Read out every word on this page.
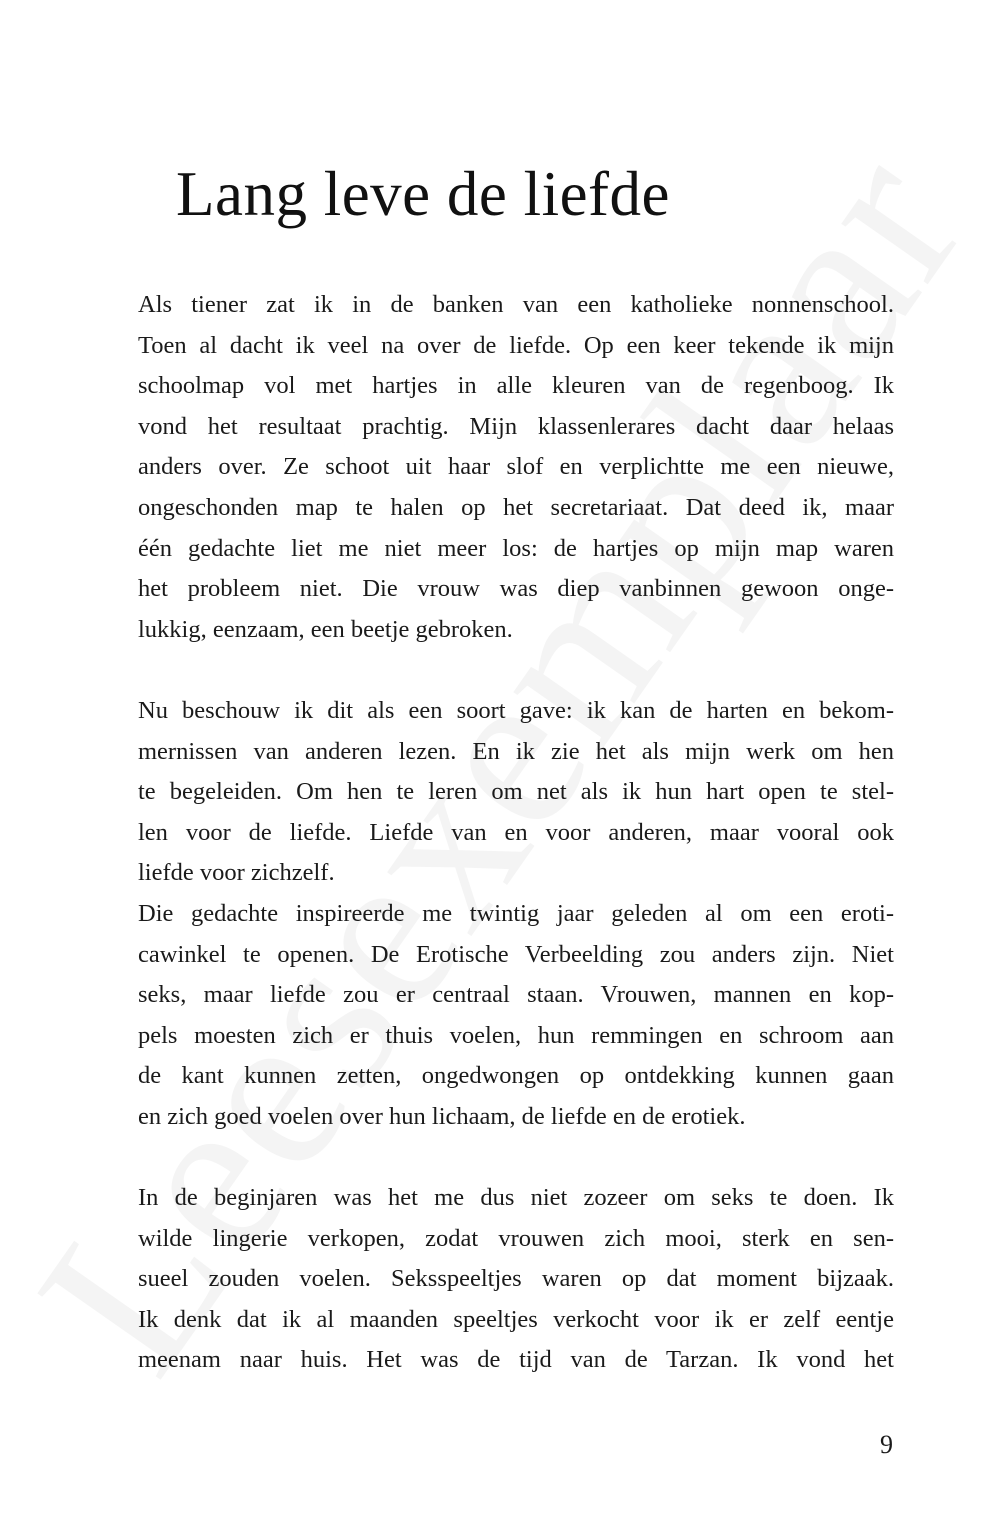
Lang leve de liefde
Als tiener zat ik in de banken van een katholieke nonnenschool.
Toen al dacht ik veel na over de liefde. Op een keer tekende ik mijn
schoolmap vol met hartjes in alle kleuren van de regenboog. Ik
vond het resultaat prachtig. Mijn klassenlerares dacht daar helaas
anders over. Ze schoot uit haar slof en verplichtte me een nieuwe,
ongeschonden map te halen op het secretariaat. Dat deed ik, maar
één gedachte liet me niet meer los: de hartjes op mijn map waren
het probleem niet. Die vrouw was diep vanbinnen gewoon onge-
lukkig, eenzaam, een beetje gebroken.
Nu beschouw ik dit als een soort gave: ik kan de harten en bekom-
mernissen van anderen lezen. En ik zie het als mijn werk om hen
te begeleiden. Om hen te leren om net als ik hun hart open te stel-
len voor de liefde. Liefde van en voor anderen, maar vooral ook
liefde voor zichzelf.
Die gedachte inspireerde me twintig jaar geleden al om een eroti-
cawinkel te openen. De Erotische Verbeelding zou anders zijn. Niet
seks, maar liefde zou er centraal staan. Vrouwen, mannen en kop-
pels moesten zich er thuis voelen, hun remmingen en schroom aan
de kant kunnen zetten, ongedwongen op ontdekking kunnen gaan
en zich goed voelen over hun lichaam, de liefde en de erotiek.
In de beginjaren was het me dus niet zozeer om seks te doen. Ik
wilde lingerie verkopen, zodat vrouwen zich mooi, sterk en sen-
sueel zouden voelen. Seksspeeltjes waren op dat moment bijzaak.
Ik denk dat ik al maanden speeltjes verkocht voor ik er zelf eentje
meenam naar huis. Het was de tijd van de Tarzan. Ik vond het
9
